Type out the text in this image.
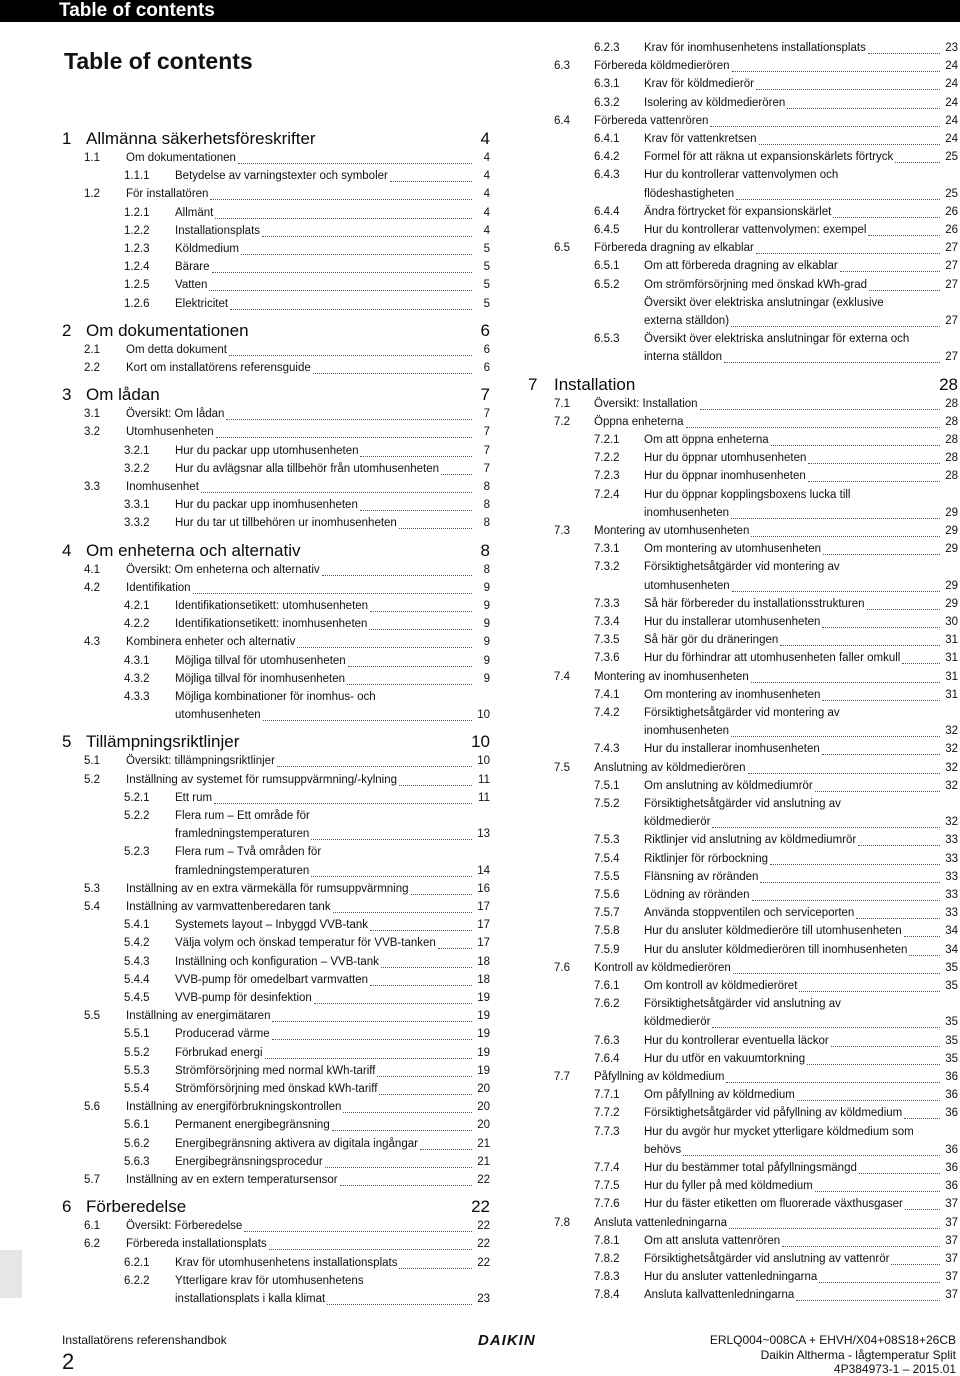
Table of contents
Table of contents
1 Allmänna säkerhetsföreskrifter	4
1.1 Om dokumentationen	4
1.1.1 Betydelse av varningstexter och symboler	4
1.2 För installatören	4
1.2.1 Allmänt	4
1.2.2 Installationsplats	4
1.2.3 Köldmedium	5
1.2.4 Bärare	5
1.2.5 Vatten	5
1.2.6 Elektricitet	5
2 Om dokumentationen	6
2.1 Om detta dokument	6
2.2 Kort om installatörens referensguide	6
3 Om lådan	7
3.1 Översikt: Om lådan	7
3.2 Utomhusenheten	7
3.2.1 Hur du packar upp utomhusenheten	7
3.2.2 Hur du avlägsnar alla tillbehör från utomhusenheten	7
3.3 Inomhusenhet	8
3.3.1 Hur du packar upp inomhusenheten	8
3.3.2 Hur du tar ut tillbehören ur inomhusenheten	8
4 Om enheterna och alternativ	8
4.1 Översikt: Om enheterna och alternativ	8
4.2 Identifikation	9
4.2.1 Identifikationsetikett: utomhusenheten	9
4.2.2 Identifikationsetikett: inomhusenheten	9
4.3 Kombinera enheter och alternativ	9
4.3.1 Möjliga tillval för utomhusenheten	9
4.3.2 Möjliga tillval för inomhusenheten	9
4.3.3 Möjliga kombinationer för inomhus- och
utomhusenheten	10
5 Tillämpningsriktlinjer	10
5.1 Översikt: tillämpningsriktlinjer	10
5.2 Inställning av systemet för rumsuppvärmning/-kylning	11
5.2.1 Ett rum	11
5.2.2 Flera rum – Ett område för
framledningstemperaturen	13
5.2.3 Flera rum – Två områden för
framledningstemperaturen	14
5.3 Inställning av en extra värmekälla för rumsuppvärmning	16
5.4 Inställning av varmvattenberedaren tank	17
5.4.1 Systemets layout – Inbyggd VVB-tank	17
5.4.2 Välja volym och önskad temperatur för VVB-tanken	17
5.4.3 Inställning och konfiguration – VVB-tank	18
5.4.4 VVB-pump för omedelbart varmvatten	18
5.4.5 VVB-pump för desinfektion	19
5.5 Inställning av energimätaren	19
5.5.1 Producerad värme	19
5.5.2 Förbrukad energi	19
5.5.3 Strömförsörjning med normal kWh-tariff	19
5.5.4 Strömförsörjning med önskad kWh-tariff	20
5.6 Inställning av energiförbrukningskontrollen	20
5.6.1 Permanent energibegränsning	20
5.6.2 Energibegränsning aktivera av digitala ingångar	21
5.6.3 Energibegränsningsprocedur	21
5.7 Inställning av en extern temperatursensor	22
6 Förberedelse	22
6.1 Översikt: Förberedelse	22
6.2 Förbereda installationsplats	22
6.2.1 Krav för utomhusenhetens installationsplats	22
6.2.2 Ytterligare krav för utomhusenhetens
installationsplats i kalla klimat	23
6.2.3 Krav för inomhusenhetens installationsplats	23
6.3 Förbereda köldmedierören	24
6.3.1 Krav för köldmedierör	24
6.3.2 Isolering av köldmedierören	24
6.4 Förbereda vattenrören	24
6.4.1 Krav för vattenkretsen	24
6.4.2 Formel för att räkna ut expansionskärlets förtryck	25
6.4.3 Hur du kontrollerar vattenvolymen och
flödeshastigheten	25
6.4.4 Ändra förtrycket för expansionskärlet	26
6.4.5 Hur du kontrollerar vattenvolymen: exempel	26
6.5 Förbereda dragning av elkablar	27
6.5.1 Om att förbereda dragning av elkablar	27
6.5.2 Om strömförsörjning med önskad kWh-grad	27
Översikt över elektriska anslutningar (exklusive
externa ställdon)	27
6.5.3 Översikt över elektriska anslutningar för externa och
interna ställdon	27
7 Installation	28
7.1 Översikt: Installation	28
7.2 Öppna enheterna	28
7.2.1 Om att öppna enheterna	28
7.2.2 Hur du öppnar utomhusenheten	28
7.2.3 Hur du öppnar inomhusenheten	28
7.2.4 Hur du öppnar kopplingsboxens lucka till
inomhusenheten	29
7.3 Montering av utomhusenheten	29
7.3.1 Om montering av utomhusenheten	29
7.3.2 Försiktighetsåtgärder vid montering av
utomhusenheten	29
7.3.3 Så här förbereder du installationsstrukturen	29
7.3.4 Hur du installerar utomhusenheten	30
7.3.5 Så här gör du dräneringen	31
7.3.6 Hur du förhindrar att utomhusenheten faller omkull	31
7.4 Montering av inomhusenheten	31
7.4.1 Om montering av inomhusenheten	31
7.4.2 Försiktighetsåtgärder vid montering av
inomhusenheten	32
7.4.3 Hur du installerar inomhusenheten	32
7.5 Anslutning av köldmedierören	32
7.5.1 Om anslutning av köldmediumrör	32
7.5.2 Försiktighetsåtgärder vid anslutning av
köldmedierör	32
7.5.3 Riktlinjer vid anslutning av köldmediumrör	33
7.5.4 Riktlinjer för rörbockning	33
7.5.5 Flänsning av röränden	33
7.5.6 Lödning av röränden	33
7.5.7 Använda stoppventilen och serviceporten	33
7.5.8 Hur du ansluter köldmedieröre till utomhusenheten	34
7.5.9 Hur du ansluter köldmedierören till inomhusenheten	34
7.6 Kontroll av köldmedierören	35
7.6.1 Om kontroll av köldmedieröret	35
7.6.2 Försiktighetsåtgärder vid anslutning av
köldmedierör	35
7.6.3 Hur du kontrollerar eventuella läckor	35
7.6.4 Hur du utför en vakuumtorkning	35
7.7 Påfyllning av köldmedium	36
7.7.1 Om påfyllning av köldmedium	36
7.7.2 Försiktighetsåtgärder vid påfyllning av köldmedium	36
7.7.3 Hur du avgör hur mycket ytterligare köldmedium som
behövs	36
7.7.4 Hur du bestämmer total påfyllningsmängd	36
7.7.5 Hur du fyller på med köldmedium	36
7.7.6 Hur du fäster etiketten om fluorerade växthusgaser	37
7.8 Ansluta vattenledningarna	37
7.8.1 Om att ansluta vattenrören	37
7.8.2 Försiktighetsåtgärder vid anslutning av vattenrör	37
7.8.3 Hur du ansluter vattenledningarna	37
7.8.4 Ansluta kallvattenledningarna	37
Installatörens referenshandbok
2
DAIKIN	ERLQ004~008CA + EHVH/X04+08S18+26CB
Daikin Altherma - lågtemperatur Split
4P384973-1 – 2015.01
